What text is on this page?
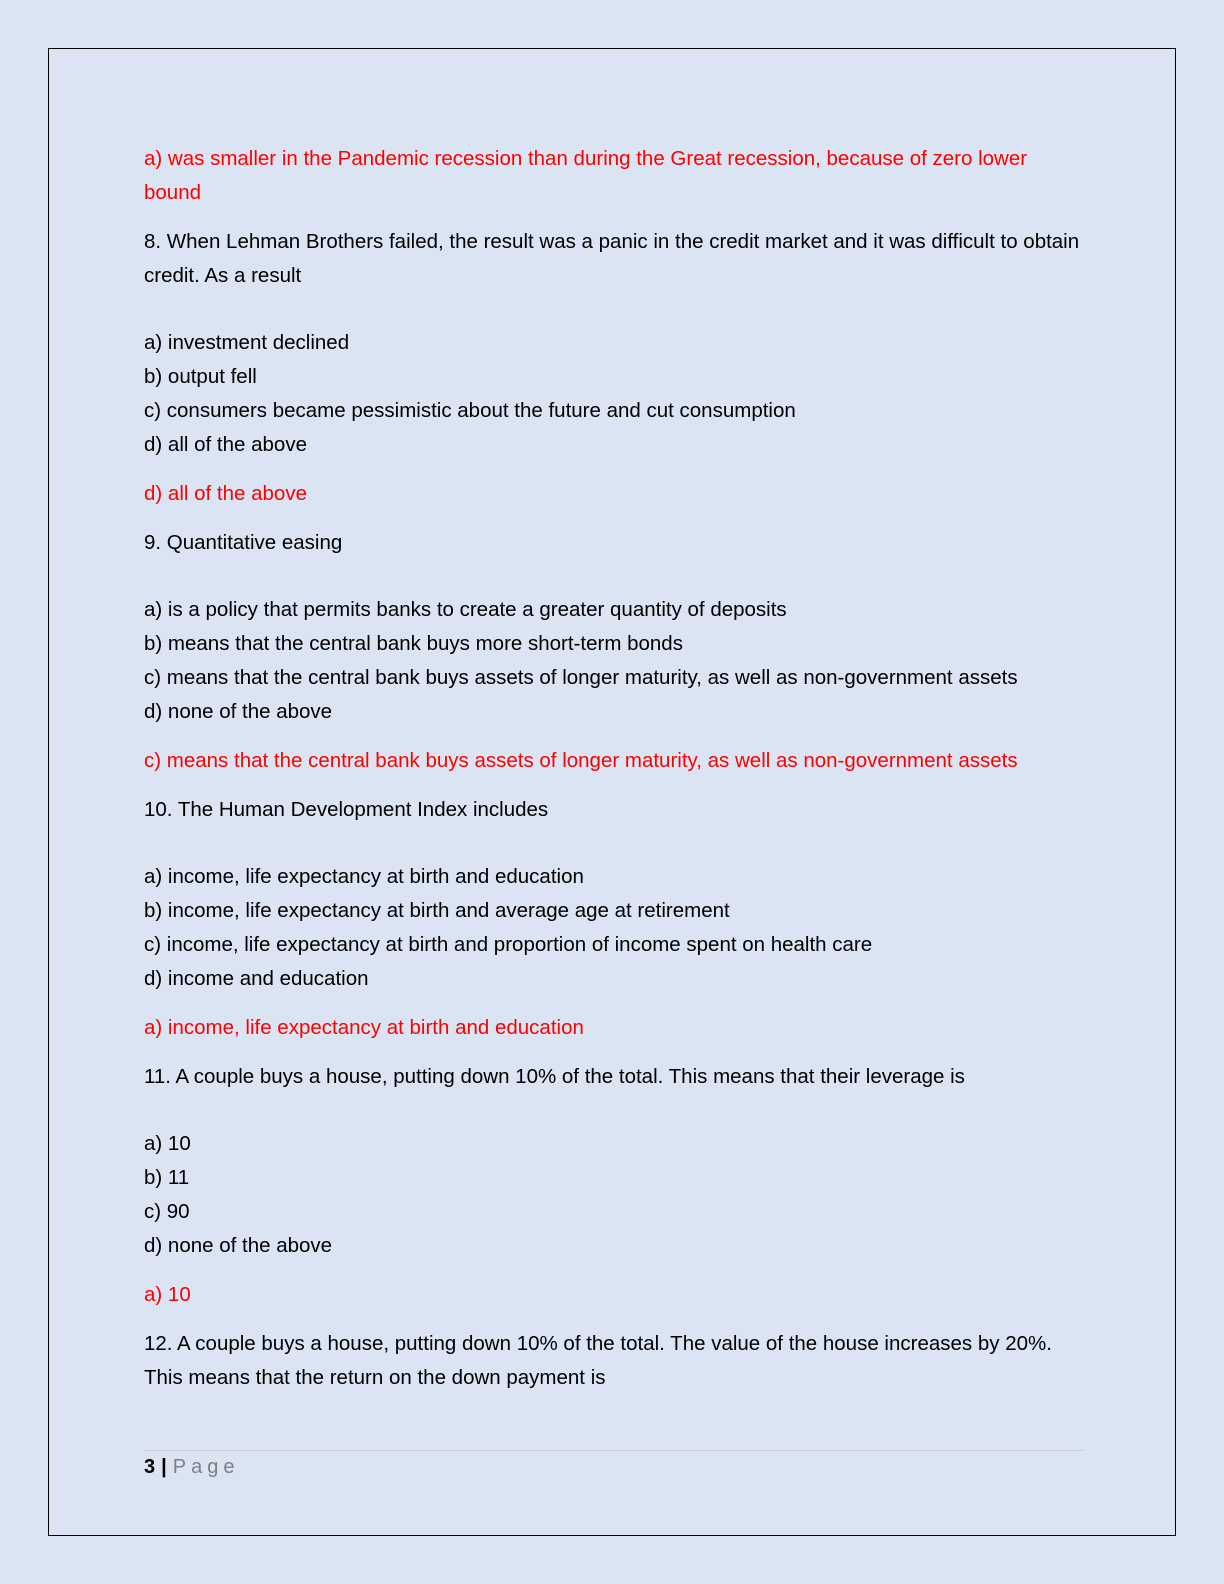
a) was smaller in the Pandemic recession than during the Great recession, because of zero lower bound

8. When Lehman Brothers failed, the result was a panic in the credit market and it was difficult to obtain credit. As a result

a) investment declined

b) output fell

c) consumers became pessimistic about the future and cut consumption

d) all of the above

d) all of the above

9. Quantitative easing

a) is a policy that permits banks to create a greater quantity of deposits

b) means that the central bank buys more short-term bonds

c) means that the central bank buys assets of longer maturity, as well as non-government assets

d) none of the above

c) means that the central bank buys assets of longer maturity, as well as non-government assets

10. The Human Development Index includes

a) income, life expectancy at birth and education

b) income, life expectancy at birth and average age at retirement

c) income, life expectancy at birth and proportion of income spent on health care

d) income and education

a) income, life expectancy at birth and education

11. A couple buys a house, putting down 10% of the total. This means that their leverage is

a) 10

b) 11

c) 90

d) none of the above

a) 10

12. A couple buys a house, putting down 10% of the total. The value of the house increases by 20%. This means that the return on the down payment is

3 | Page
